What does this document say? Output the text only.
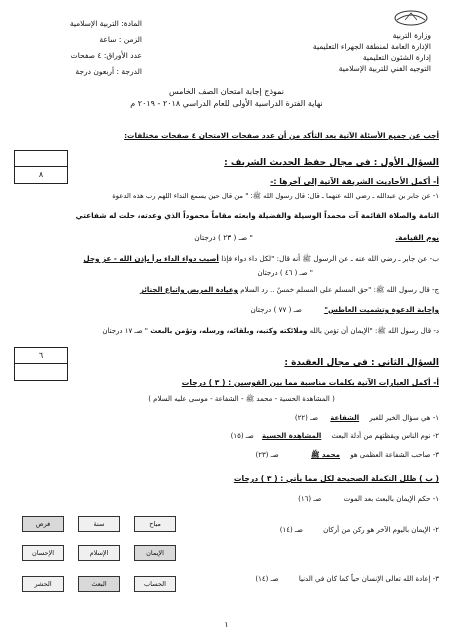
وزارة التربية
الإدارة العامة لمنطقة الجهراء التعليمية
إدارة الشئون التعليمية
التوجيه الفني للتربية الإسلامية
المادة: التربية الإسلامية
الزمن : ساعة
عدد الأوراق: ٤ صفحات
الدرجة : أربعون درجة
نموذج إجابة امتحان الصف الخامس
نهاية الفترة الدراسية الأولى للعام الدراسي ٢٠١٨ - ٢٠١٩ م
أجب عن جميع الأسئلة الآتية بعد التأكد من أن عدد صفحات الامتحان ٤ صفحات مختلفات:
٨
السؤال الأول : في مجال حفظ الحديث الشريف :
أ- أكمل الأحاديث الشريفة الآتية إلى آخرها :-
١- عن جابر بن عبدالله ـ رضي الله عنهما ـ قال: قال رسول الله ﷺ: " من قال حين يسمع النداء اللهم رب هذه الدعوة
التامة والصلاة القائمة آت محمداً الوسيلة والفضيلة وابعثه مقاماً محموداً الذي وعدته، حلت له شفاعتي
يوم القيامة. " صـ ( ٢٣ ) درجتان
ب- عن جابر ـ رضي الله عنه ـ عن الرسول ﷺ أنه قال: "لكل داء دواء فإذا أصيب دواء الداء برأ بإذن الله - عز وجل
" صـ ( ٤٦ ) درجتان
ج- قال رسول الله ﷺ: "حق المسلم على المسلم خمسٌ .. رد السلام وعيادة المريض واتباع الجنائز
وإجابة الدعوة وتشميت العاطس" صـ ( ٧٧ ) درجتان
د- قال رسول الله ﷺ: "الإيمان أن تؤمن بالله وملائكته وكتبه، وبلقائه، ورسله، وتؤمن بالبعث " صـ ١٧ درجتان
٦
السؤال الثاني : في مجال العقيدة :
أ- أكمل العبارات الآتية بكلمات مناسبة مما بين القوسين : ( ٣ ) درجات
( المشاهدة الحسية - محمد ﷺ - الشفاعة - موسى عليه السلام )
١- هي سؤال الخير للغير الشفاعة صـ (٢٢)
٢- نوم الناس ويقظتهم من أدلة البعث المشاهدة الحسية صـ (١٥)
٣- صاحب الشفاعة العظمى هو محمد ﷺ صـ (٢٣)
( ب ) ظلل التكملة الصحيحة لكل مما يأتي : ( ٣ ) درجات
١- حكم الإيمان بالبعث بعد الموت صـ (١٦)
فرض	سنة	مباح
٢- الإيمان باليوم الآخر هو ركن من أركان صـ (١٤)
الإحسان	الإسلام	الإيمان
٣- إعادة الله تعالى الإنسان حياً كما كان في الدنيا صـ (١٤)
الحشر	البعث	الحساب
١
